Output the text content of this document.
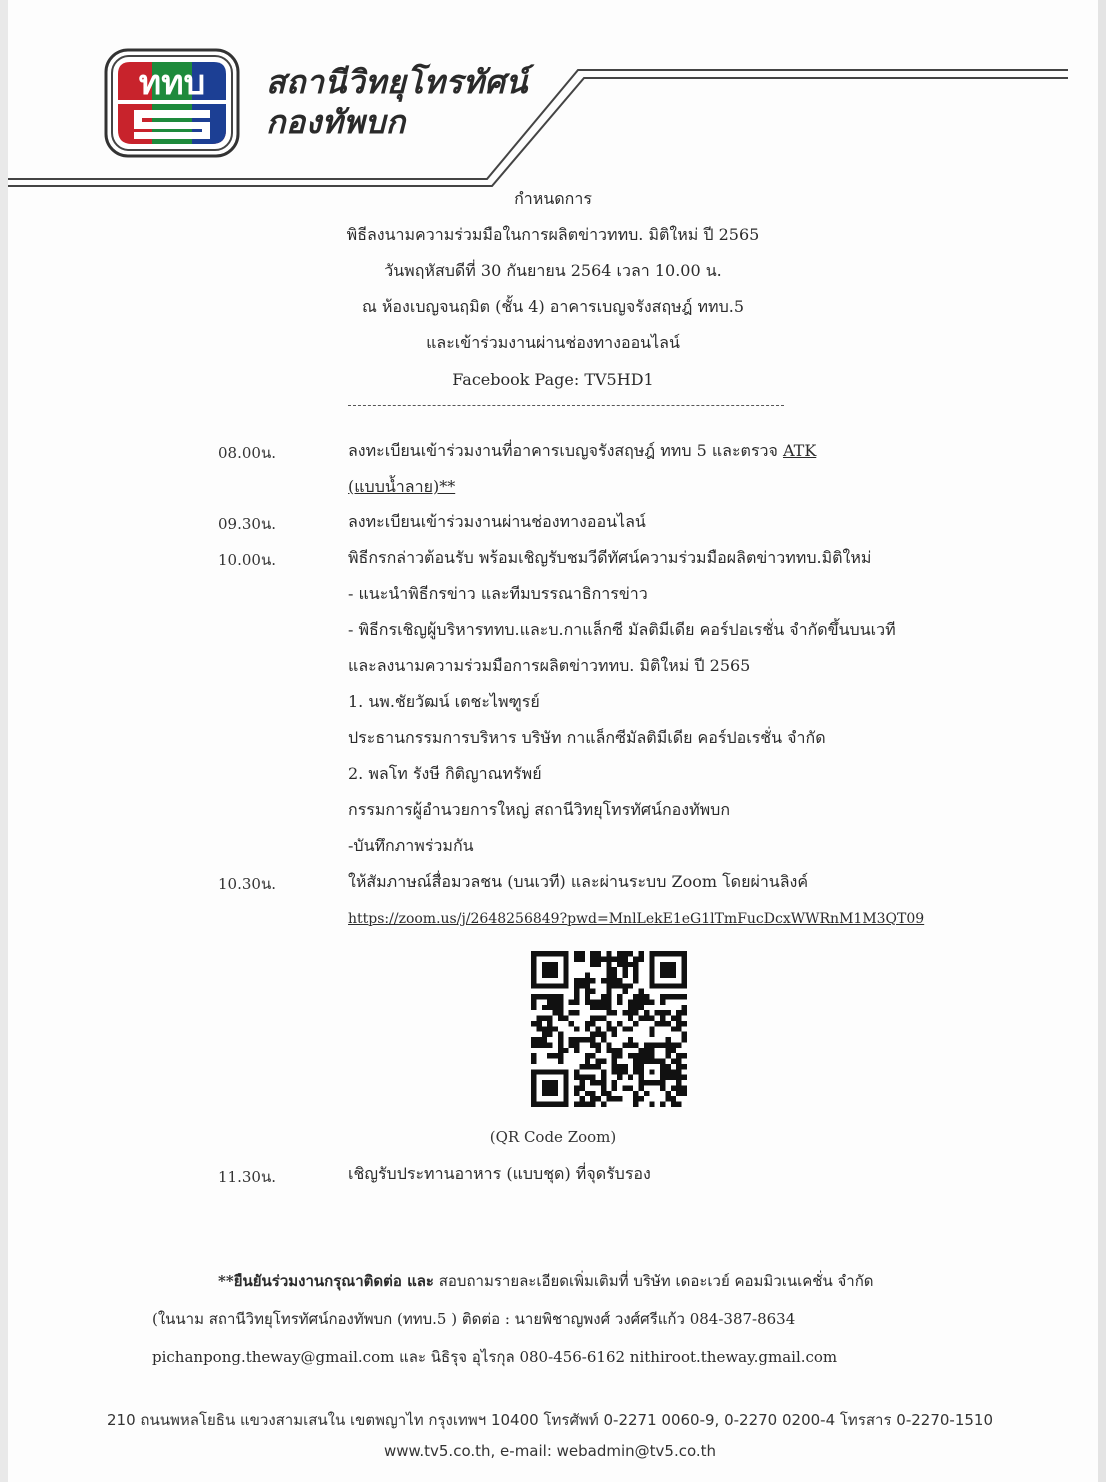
ททบ สถานีวิทยุโทรทัศน์
กองทัพบก
กำหนดการ
พิธีลงนามความร่วมมือในการผลิตข่าวททบ. มิติใหม่ ปี 2565
วันพฤหัสบดีที่ 30 กันยายน 2564 เวลา 10.00 น.
ณ ห้องเบญจนฤมิต (ชั้น 4) อาคารเบญจรังสฤษฎ์ ททบ.5
และเข้าร่วมงานผ่านช่องทางออนไลน์
Facebook Page: TV5HD1
08.00น.	ลงทะเบียนเข้าร่วมงานที่อาคารเบญจรังสฤษฎ์ ททบ 5 และตรวจ ATK
(แบบน้ำลาย)**
09.30น.	ลงทะเบียนเข้าร่วมงานผ่านช่องทางออนไลน์
10.00น.	พิธีกรกล่าวต้อนรับ พร้อมเชิญรับชมวีดีทัศน์ความร่วมมือผลิตข่าวททบ.มิติใหม่
- แนะนำพิธีกรข่าว และทีมบรรณาธิการข่าว
- พิธีกรเชิญผู้บริหารททบ.และบ.กาแล็กซี มัลติมีเดีย คอร์ปอเรชั่น จำกัดขึ้นบนเวที
และลงนามความร่วมมือการผลิตข่าวททบ. มิติใหม่ ปี 2565
1. นพ.ชัยวัฒน์ เตชะไพฑูรย์
ประธานกรรมการบริหาร บริษัท กาแล็กซีมัลติมีเดีย คอร์ปอเรชั่น จำกัด
2. พลโท รังษี กิติญาณทรัพย์
กรรมการผู้อำนวยการใหญ่ สถานีวิทยุโทรทัศน์กองทัพบก
-บันทึกภาพร่วมกัน
10.30น.	ให้สัมภาษณ์สื่อมวลชน (บนเวที) และผ่านระบบ Zoom โดยผ่านลิงค์
https://zoom.us/j/2648256849?pwd=MnlLekE1eG1lTmFucDcxWWRnM1M3QT09
(QR Code Zoom)
11.30น.	เชิญรับประทานอาหาร (แบบชุด) ที่จุดรับรอง
**ยืนยันร่วมงานกรุณาติดต่อ และ สอบถามรายละเอียดเพิ่มเติมที่ บริษัท เดอะเวย์ คอมมิวเนเคชั่น จำกัด
(ในนาม สถานีวิทยุโทรทัศน์กองทัพบก (ททบ.5 ) ติดต่อ : นายพิชาญพงศ์ วงศ์ศรีแก้ว 084-387-8634
pichanpong.theway@gmail.com และ นิธิรุจ อุไรกุล 080-456-6162 nithiroot.theway.gmail.com
210 ถนนพหลโยธิน แขวงสามเสนใน เขตพญาไท กรุงเทพฯ 10400 โทรศัพท์ 0-2271 0060-9, 0-2270 0200-4 โทรสาร 0-2270-1510
www.tv5.co.th, e-mail: webadmin@tv5.co.th
